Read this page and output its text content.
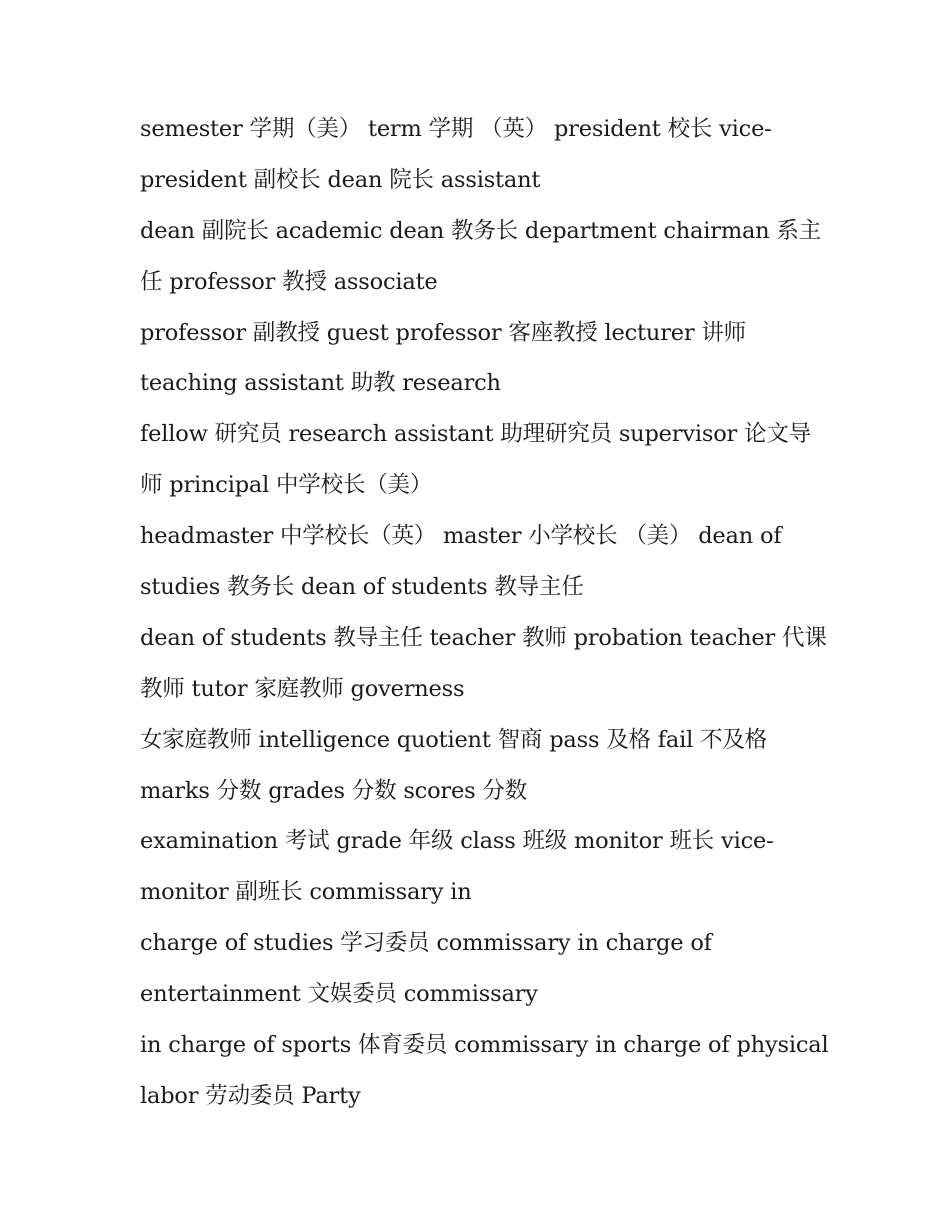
semester 学期（美） term 学期 （英） president 校长 vice-
president 副校长 dean 院长 assistant
dean 副院长 academic dean 教务长 department chairman 系主
任 professor 教授 associate
professor 副教授 guest professor 客座教授 lecturer 讲师
teaching assistant 助教 research
fellow 研究员 research assistant 助理研究员 supervisor 论文导
师 principal 中学校长（美）
headmaster 中学校长（英） master 小学校长 （美） dean of
studies 教务长 dean of students 教导主任
dean of students 教导主任 teacher 教师 probation teacher 代课
教师 tutor 家庭教师 governess
女家庭教师 intelligence quotient 智商 pass 及格 fail 不及格
marks 分数 grades 分数 scores 分数
examination 考试 grade 年级 class 班级 monitor 班长 vice-
monitor 副班长 commissary in
charge of studies 学习委员 commissary in charge of
entertainment 文娱委员 commissary
in charge of sports 体育委员 commissary in charge of physical
labor 劳动委员 Party
